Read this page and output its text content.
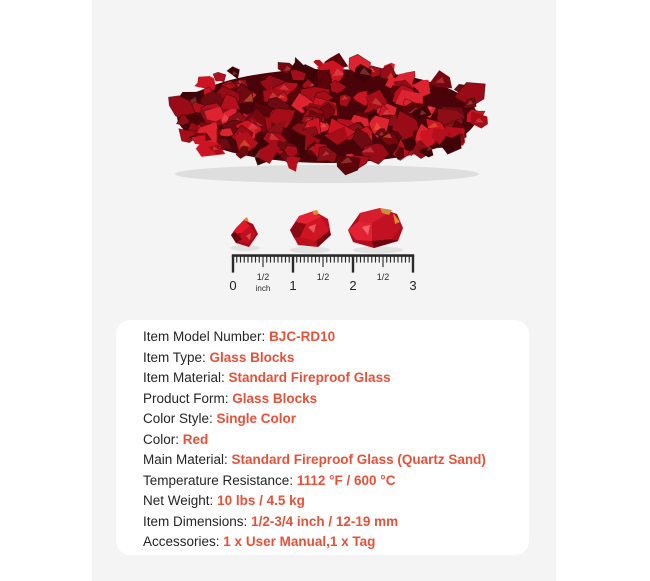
0	1	2	3
1/2	1/2	1/2
inch
Item Model Number: BJC-RD10
Item Type: Glass Blocks
Item Material: Standard Fireproof Glass
Product Form: Glass Blocks
Color Style: Single Color
Color: Red
Main Material: Standard Fireproof Glass (Quartz Sand)
Temperature Resistance: 1112 °F / 600 °C
Net Weight: 10 lbs / 4.5 kg
Item Dimensions: 1/2-3/4 inch / 12-19 mm
Accessories: 1 x User Manual,1 x Tag
